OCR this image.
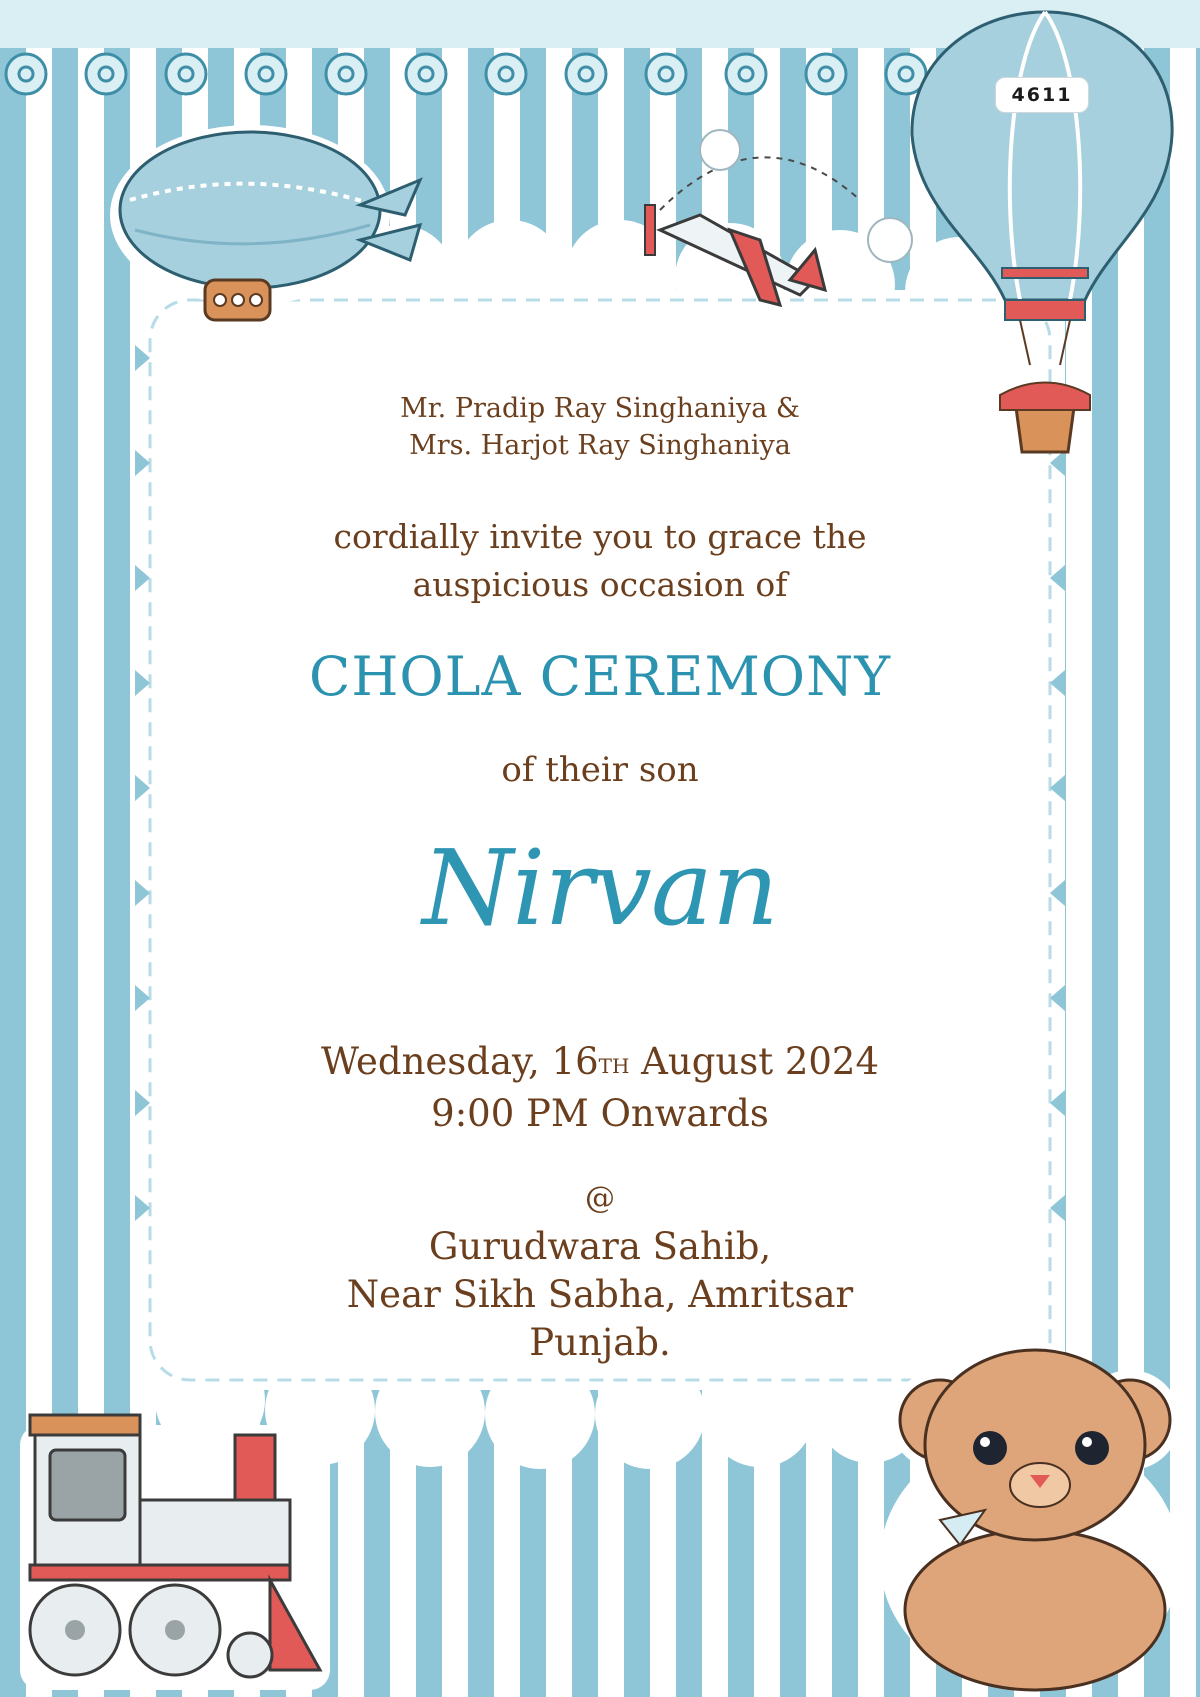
4611
Mr. Pradip Ray Singhaniya &
Mrs. Harjot Ray Singhaniya
cordially invite you to grace the
auspicious occasion of
CHOLA CEREMONY
of their son
Nirvan
Wednesday, 16TH August 2024
9:00 PM Onwards
@
Gurudwara Sahib,
Near Sikh Sabha, Amritsar
Punjab.
